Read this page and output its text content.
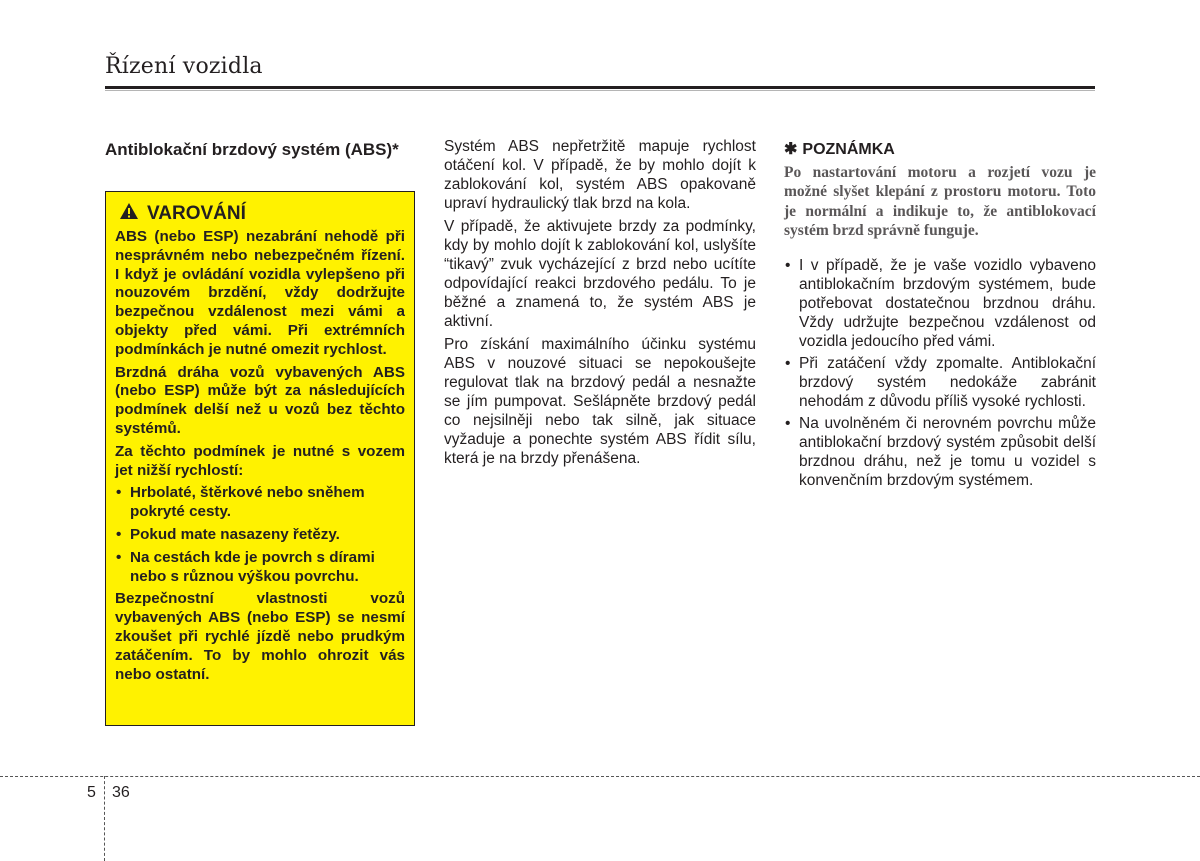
Řízení vozidla
Antiblokační brzdový systém (ABS)*
VAROVÁNÍ

ABS (nebo ESP) nezabrání nehodě při nesprávném nebo nebezpečném řízení. I když je ovládání vozidla vylepšeno při nouzovém brzdění, vždy dodržujte bezpečnou vzdálenost mezi vámi a objekty před vámi. Při extrémních podmínkách je nutné omezit rychlost.

Brzdná dráha vozů vybavených ABS (nebo ESP) může být za následujících podmínek delší než u vozů bez těchto systémů.

Za těchto podmínek je nutné s vozem jet nižší rychlostí:

• Hrbolaté, štěrkové nebo sněhem pokryté cesty.
• Pokud mate nasazeny řetězy.
• Na cestách kde je povrch s dírami nebo s různou výškou povrchu.

Bezpečnostní vlastnosti vozů vybavených ABS (nebo ESP) se nesmí zkoušet při rychlé jízdě nebo prudkým zatáčením. To by mohlo ohrozit vás nebo ostatní.

Systém ABS nepřetržitě mapuje rychlost otáčení kol. V případě, že by mohlo dojít k zablokování kol, systém ABS opakovaně upraví hydraulický tlak brzd na kola.

V případě, že aktivujete brzdy za podmínky, kdy by mohlo dojít k zablokování kol, uslyšíte “tikavý” zvuk vycházející z brzd nebo ucítíte odpovídající reakci brzdového pedálu. To je běžné a znamená to, že systém ABS je aktivní.

Pro získání maximálního účinku systému ABS v nouzové situaci se nepokoušejte regulovat tlak na brzdový pedál a nesnažte se jím pumpovat. Sešlápněte brzdový pedál co nejsilněji nebo tak silně, jak situace vyžaduje a ponechte systém ABS řídit sílu, která je na brzdy přenášena.

✱ POZNÁMKA

Po nastartování motoru a rozjetí vozu je možné slyšet klepání z prostoru motoru. Toto je normální a indikuje to, že antiblokovací systém brzd správně funguje.

• I v případě, že je vaše vozidlo vybaveno antiblokačním brzdovým systémem, bude potřebovat dostatečnou brzdnou dráhu. Vždy udržujte bezpečnou vzdálenost od vozidla jedoucího před vámi.
• Při zatáčení vždy zpomalte. Antiblokační brzdový systém nedokáže zabránit nehodám z důvodu příliš vysoké rychlosti.
• Na uvolněném či nerovném povrchu může antiblokační brzdový systém způsobit delší brzdnou dráhu, než je tomu u vozidel s konvenčním brzdovým systémem.
5 36
